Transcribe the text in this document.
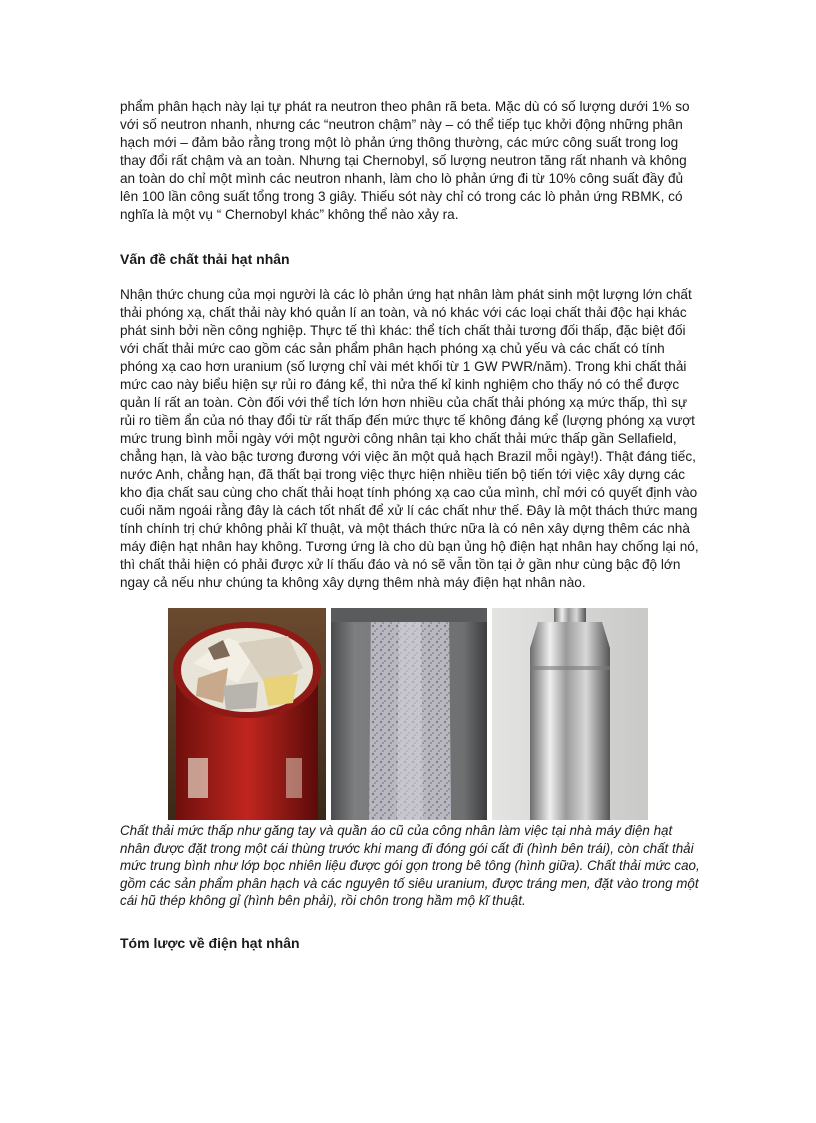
phẩm phân hạch này lại tự phát ra neutron theo phân rã beta. Mặc dù có số lượng dưới 1% so với số neutron nhanh, nhưng các “neutron chậm” này – có thể tiếp tục khởi động những phân hạch mới – đảm bảo rằng trong một lò phản ứng thông thường, các mức công suất trong log thay đổi rất chậm và an toàn. Nhưng tại Chernobyl, số lượng neutron tăng rất nhanh và không an toàn do chỉ một mình các neutron nhanh, làm cho lò phản ứng đi từ 10% công suất đầy đủ lên 100 lần công suất tổng trong 3 giây. Thiếu sót này chỉ có trong các lò phản ứng RBMK, có nghĩa là một vụ “ Chernobyl khác” không thể nào xảy ra.

Vấn đề chất thải hạt nhân

Nhận thức chung của mọi người là các lò phản ứng hạt nhân làm phát sinh một lượng lớn chất thải phóng xạ, chất thải này khó quản lí an toàn, và nó khác với các loại chất thải độc hại khác phát sinh bởi nền công nghiệp. Thực tế thì khác: thể tích chất thải tương đối thấp, đặc biệt đối với chất thải mức cao gồm các sản phẩm phân hạch phóng xạ chủ yếu và các chất có tính phóng xạ cao hơn uranium (số lượng chỉ vài mét khối từ 1 GW PWR/năm). Trong khi chất thải mức cao này biểu hiện sự rủi ro đáng kể, thì nửa thế kỉ kinh nghiệm cho thấy nó có thể được quản lí rất an toàn. Còn đối với thể tích lớn hơn nhiều của chất thải phóng xạ mức thấp, thì sự rủi ro tiềm ẩn của nó thay đổi từ rất thấp đến mức thực tế không đáng kể (lượng phóng xạ vượt mức trung bình mỗi ngày với một người công nhân tại kho chất thải mức thấp gần Sellafield, chẳng hạn, là vào bậc tương đương với việc ăn một quả hạch Brazil mỗi ngày!). Thật đáng tiếc, nước Anh, chẳng hạn, đã thất bại trong việc thực hiện nhiều tiến bộ tiến tới việc xây dựng các kho địa chất sau cùng cho chất thải hoạt tính phóng xạ cao của mình, chỉ mới có quyết định vào cuối năm ngoái rằng đây là cách tốt nhất để xử lí các chất như thế. Đây là một thách thức mang tính chính trị chứ không phải kĩ thuật, và một thách thức nữa là có nên xây dựng thêm các nhà máy điện hạt nhân hay không. Tương ứng là cho dù bạn ủng hộ điện hạt nhân hay chống lại nó, thì chất thải hiện có phải được xử lí thấu đáo và nó sẽ vẫn tồn tại ở gần như cùng bậc độ lớn ngay cả nếu như chúng ta không xây dựng thêm nhà máy điện hạt nhân nào.

Chất thải mức thấp như găng tay và quần áo cũ của công nhân làm việc tại nhà máy điện hạt nhân được đặt trong một cái thùng trước khi mang đi đóng gói cất đi (hình bên trái), còn chất thải mức trung bình như lớp bọc nhiên liệu được gói gọn trong bê tông (hình giữa). Chất thải mức cao, gồm các sản phẩm phân hạch và các nguyên tố siêu uranium, được tráng men, đặt vào trong một cái hũ thép không gỉ (hình bên phải), rồi chôn trong hầm mộ kĩ thuật.

Tóm lược về điện hạt nhân
